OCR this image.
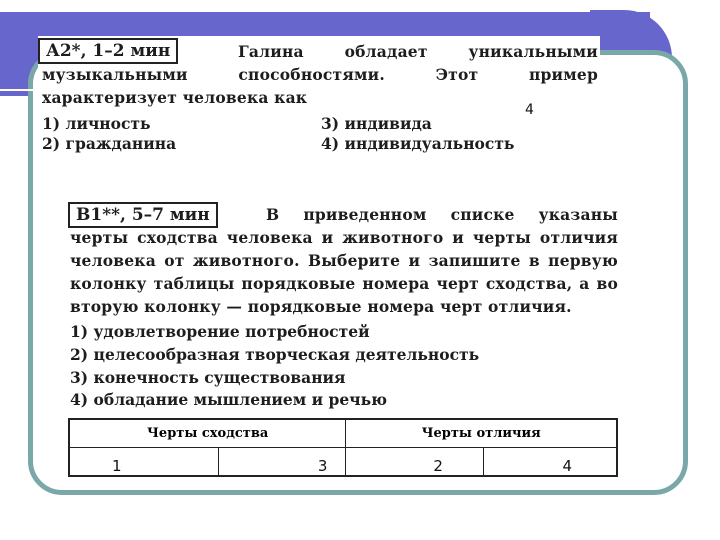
Галина обладает уникальными музыкальными способностями. Этот пример характеризует человека как
А2*, 1–2 мин
1) личность
2) гражданина
3) индивида
4) индивидуальность
4
В приведенном списке указаны черты сходства человека и животного и черты отличия человека от животного. Выберите и запишите в первую колонку таблицы порядковые номера черт сходства, а во вторую колонку — порядковые номера черт отличия.
В1**, 5–7 мин
1) удовлетворение потребностей
2) целесообразная творческая деятельность
3) конечность существования
4) обладание мышлением и речью
Черты сходства		Черты отличия	
1	3	2	4
